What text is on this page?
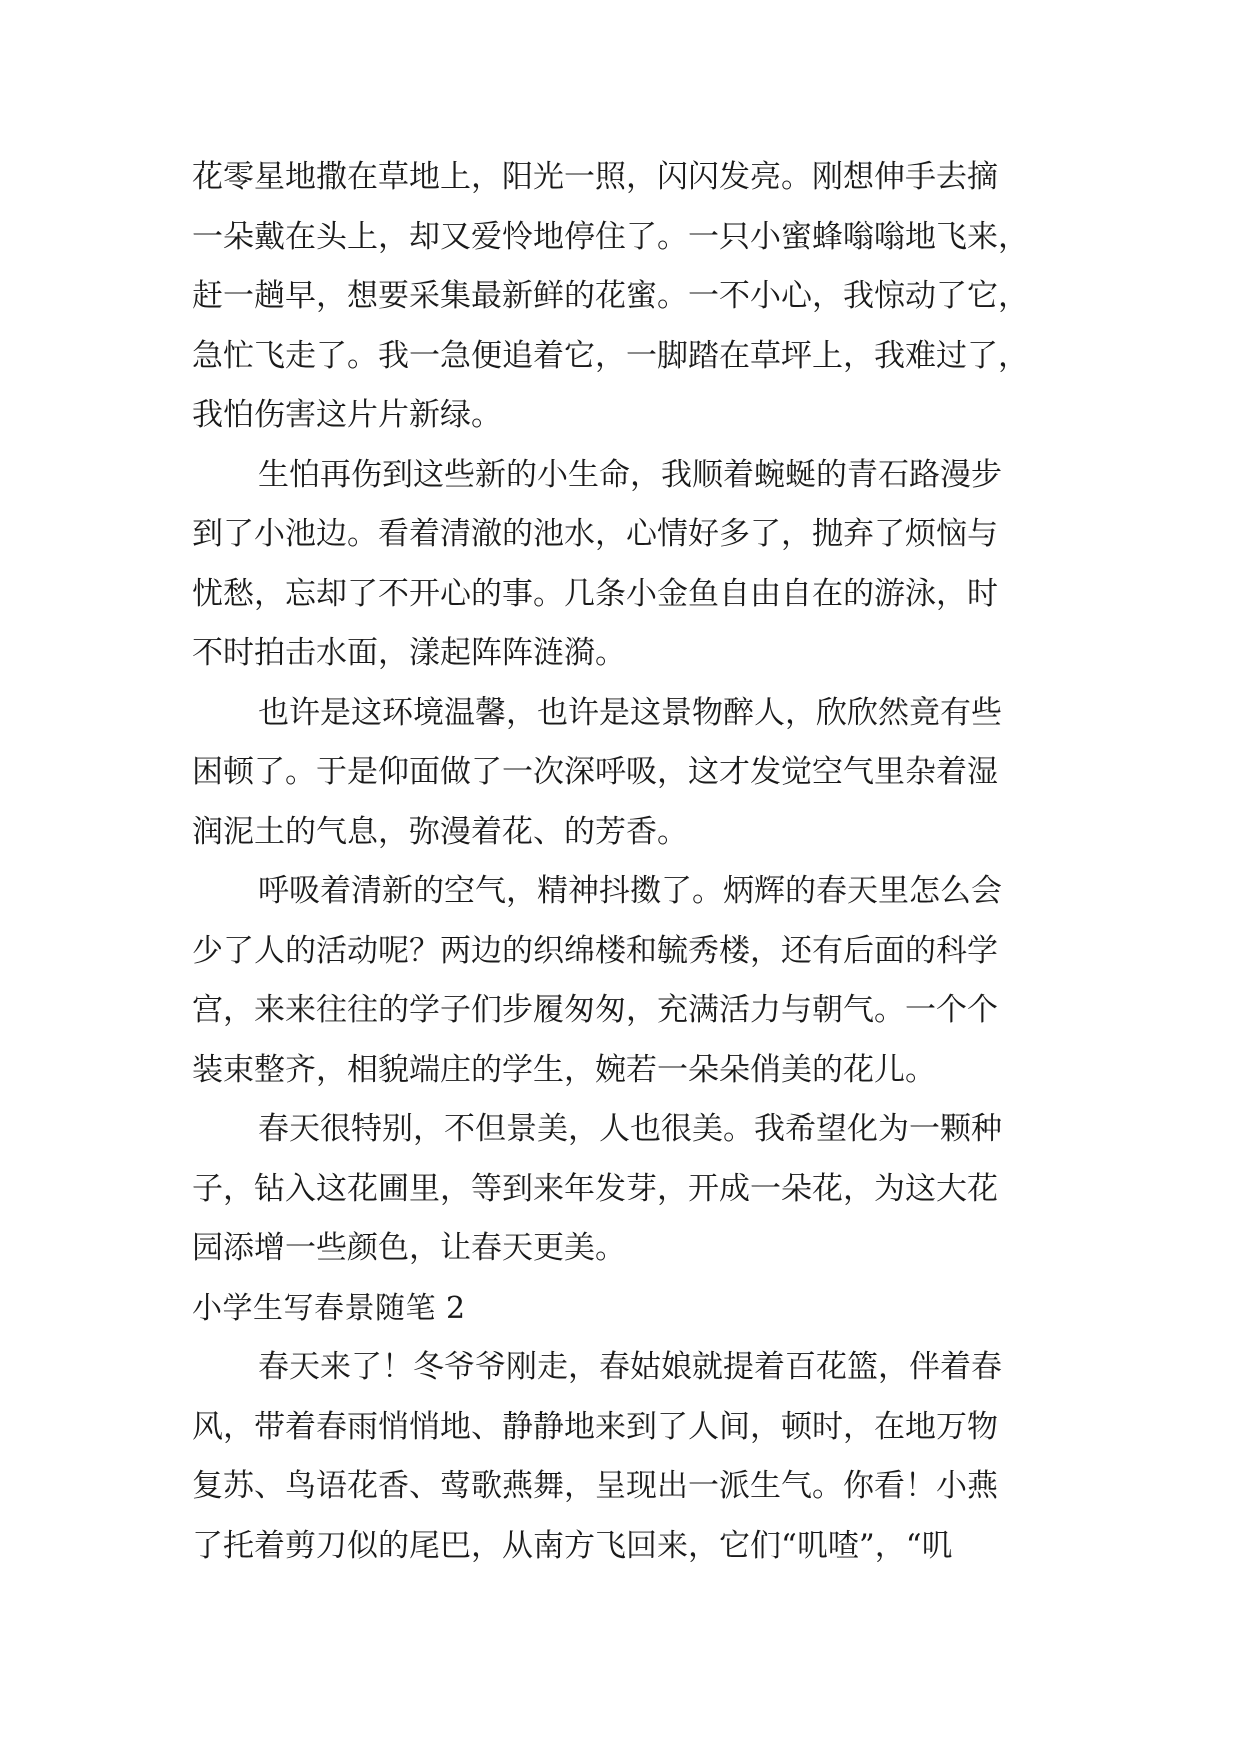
花零星地撒在草地上，阳光一照，闪闪发亮。刚想伸手去摘
一朵戴在头上，却又爱怜地停住了。一只小蜜蜂嗡嗡地飞来，
赶一趟早，想要采集最新鲜的花蜜。一不小心，我惊动了它，
急忙飞走了。我一急便追着它，一脚踏在草坪上，我难过了，
我怕伤害这片片新绿。
生怕再伤到这些新的小生命，我顺着蜿蜒的青石路漫步
到了小池边。看着清澈的池水，心情好多了，抛弃了烦恼与
忧愁，忘却了不开心的事。几条小金鱼自由自在的游泳，时
不时拍击水面，漾起阵阵涟漪。
也许是这环境温馨，也许是这景物醉人，欣欣然竟有些
困顿了。于是仰面做了一次深呼吸，这才发觉空气里杂着湿
润泥土的气息，弥漫着花、的芳香。
呼吸着清新的空气，精神抖擞了。炳辉的春天里怎么会
少了人的活动呢？两边的织绵楼和毓秀楼，还有后面的科学
宫，来来往往的学子们步履匆匆，充满活力与朝气。一个个
装束整齐，相貌端庄的学生，婉若一朵朵俏美的花儿。
春天很特别，不但景美，人也很美。我希望化为一颗种
子，钻入这花圃里，等到来年发芽，开成一朵花，为这大花
园添增一些颜色，让春天更美。
小学生写春景随笔 2
春天来了！冬爷爷刚走，春姑娘就提着百花篮，伴着春
风，带着春雨悄悄地、静静地来到了人间，顿时，在地万物
复苏、鸟语花香、莺歌燕舞，呈现出一派生气。你看！小燕
了托着剪刀似的尾巴，从南方飞回来，它们“叽喳”，“叽
